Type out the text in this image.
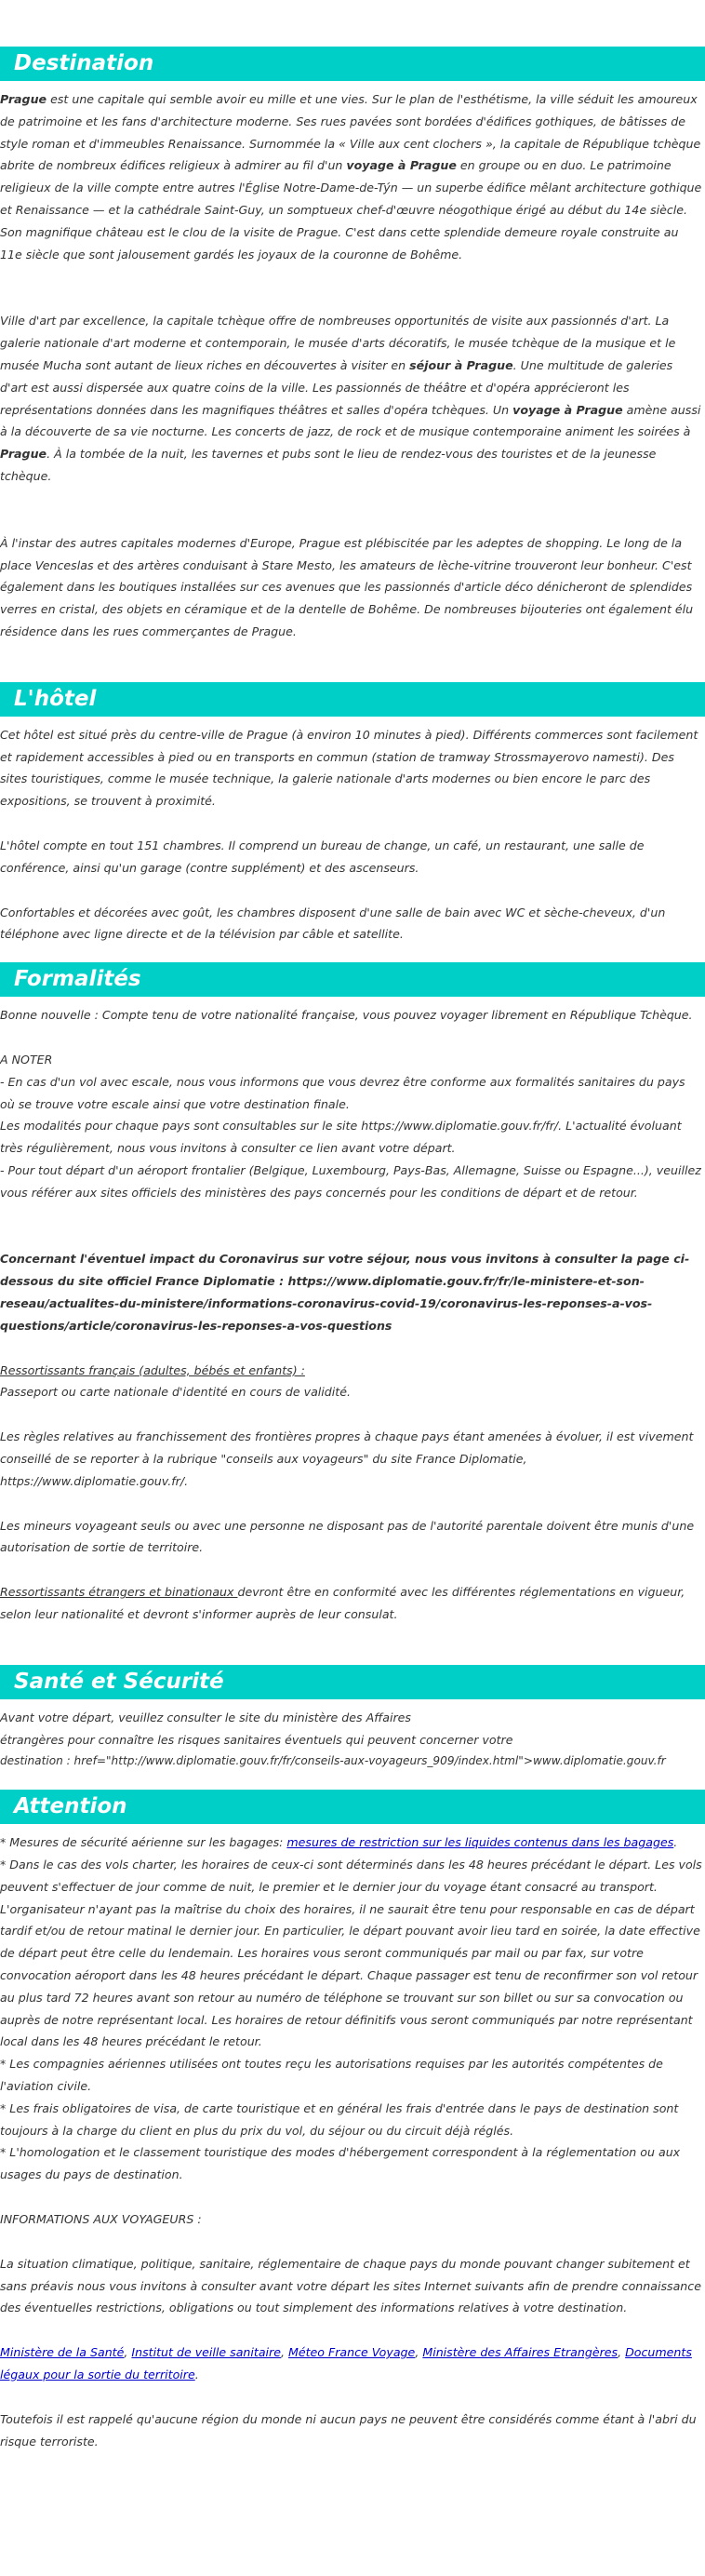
Destination

Prague est une capitale qui semble avoir eu mille et une vies. Sur le plan de l'esthétisme, la ville séduit les amoureux de patrimoine et les fans d'architecture moderne. Ses rues pavées sont bordées d'édifices gothiques, de bâtisses de style roman et d'immeubles Renaissance. Surnommée la « Ville aux cent clochers », la capitale de République tchèque abrite de nombreux édifices religieux à admirer au fil d'un voyage à Prague en groupe ou en duo. Le patrimoine religieux de la ville compte entre autres l'Église Notre-Dame-de-Týn — un superbe édifice mêlant architecture gothique et Renaissance — et la cathédrale Saint-Guy, un somptueux chef-d'œuvre néogothique érigé au début du 14e siècle. Son magnifique château est le clou de la visite de Prague. C'est dans cette splendide demeure royale construite au 11e siècle que sont jalousement gardés les joyaux de la couronne de Bohême.

Ville d'art par excellence, la capitale tchèque offre de nombreuses opportunités de visite aux passionnés d'art. La galerie nationale d'art moderne et contemporain, le musée d'arts décoratifs, le musée tchèque de la musique et le musée Mucha sont autant de lieux riches en découvertes à visiter en séjour à Prague. Une multitude de galeries d'art est aussi dispersée aux quatre coins de la ville. Les passionnés de théâtre et d'opéra apprécieront les représentations données dans les magnifiques théâtres et salles d'opéra tchèques. Un voyage à Prague amène aussi à la découverte de sa vie nocturne. Les concerts de jazz, de rock et de musique contemporaine animent les soirées à Prague. À la tombée de la nuit, les tavernes et pubs sont le lieu de rendez-vous des touristes et de la jeunesse tchèque.

À l'instar des autres capitales modernes d'Europe, Prague est plébiscitée par les adeptes de shopping. Le long de la place Venceslas et des artères conduisant à Stare Mesto, les amateurs de lèche-vitrine trouveront leur bonheur. C'est également dans les boutiques installées sur ces avenues que les passionnés d'article déco dénicheront de splendides verres en cristal, des objets en céramique et de la dentelle de Bohême. De nombreuses bijouteries ont également élu résidence dans les rues commerçantes de Prague.

L'hôtel

Cet hôtel est situé près du centre-ville de Prague (à environ 10 minutes à pied). Différents commerces sont facilement et rapidement accessibles à pied ou en transports en commun (station de tramway Strossmayerovo namesti). Des sites touristiques, comme le musée technique, la galerie nationale d'arts modernes ou bien encore le parc des expositions, se trouvent à proximité.

L'hôtel compte en tout 151 chambres. Il comprend un bureau de change, un café, un restaurant, une salle de conférence, ainsi qu'un garage (contre supplément) et des ascenseurs.

Confortables et décorées avec goût, les chambres disposent d'une salle de bain avec WC et sèche-cheveux, d'un téléphone avec ligne directe et de la télévision par câble et satellite.

Formalités

Bonne nouvelle : Compte tenu de votre nationalité française, vous pouvez voyager librement en République Tchèque.

A NOTER

- En cas d'un vol avec escale, nous vous informons que vous devrez être conforme aux formalités sanitaires du pays où se trouve votre escale ainsi que votre destination finale.

Les modalités pour chaque pays sont consultables sur le site https://www.diplomatie.gouv.fr/fr/. L'actualité évoluant très régulièrement, nous vous invitons à consulter ce lien avant votre départ.

- Pour tout départ d'un aéroport frontalier (Belgique, Luxembourg, Pays-Bas, Allemagne, Suisse ou Espagne...), veuillez vous référer aux sites officiels des ministères des pays concernés pour les conditions de départ et de retour.

Concernant l'éventuel impact du Coronavirus sur votre séjour, nous vous invitons à consulter la page ci-dessous du site officiel France Diplomatie : https://www.diplomatie.gouv.fr/fr/le-ministere-et-son-reseau/actualites-du-ministere/informations-coronavirus-covid-19/coronavirus-les-reponses-a-vos-questions/article/coronavirus-les-reponses-a-vos-questions

Ressortissants français (adultes, bébés et enfants) :

Passeport ou carte nationale d'identité en cours de validité.

Les règles relatives au franchissement des frontières propres à chaque pays étant amenées à évoluer, il est vivement conseillé de se reporter à la rubrique "conseils aux voyageurs" du site France Diplomatie, https://www.diplomatie.gouv.fr/.

Les mineurs voyageant seuls ou avec une personne ne disposant pas de l'autorité parentale doivent être munis d'une autorisation de sortie de territoire.

Ressortissants étrangers et binationaux devront être en conformité avec les différentes réglementations en vigueur, selon leur nationalité et devront s'informer auprès de leur consulat.

Santé et Sécurité

Avant votre départ, veuillez consulter le site du ministère des Affaires

étrangères pour connaître les risques sanitaires éventuels qui peuvent concerner votre

destination : href="http://www.diplomatie.gouv.fr/fr/conseils-aux-voyageurs_909/index.html">www.diplomatie.gouv.fr

Attention

* Mesures de sécurité aérienne sur les bagages: mesures de restriction sur les liquides contenus dans les bagages.

* Dans le cas des vols charter, les horaires de ceux-ci sont déterminés dans les 48 heures précédant le départ. Les vols peuvent s'effectuer de jour comme de nuit, le premier et le dernier jour du voyage étant consacré au transport. L'organisateur n'ayant pas la maîtrise du choix des horaires, il ne saurait être tenu pour responsable en cas de départ tardif et/ou de retour matinal le dernier jour. En particulier, le départ pouvant avoir lieu tard en soirée, la date effective de départ peut être celle du lendemain. Les horaires vous seront communiqués par mail ou par fax, sur votre convocation aéroport dans les 48 heures précédant le départ. Chaque passager est tenu de reconfirmer son vol retour au plus tard 72 heures avant son retour au numéro de téléphone se trouvant sur son billet ou sur sa convocation ou auprès de notre représentant local. Les horaires de retour définitifs vous seront communiqués par notre représentant local dans les 48 heures précédant le retour.

* Les compagnies aériennes utilisées ont toutes reçu les autorisations requises par les autorités compétentes de l'aviation civile.

* Les frais obligatoires de visa, de carte touristique et en général les frais d'entrée dans le pays de destination sont toujours à la charge du client en plus du prix du vol, du séjour ou du circuit déjà réglés.

* L'homologation et le classement touristique des modes d'hébergement correspondent à la réglementation ou aux usages du pays de destination.

INFORMATIONS AUX VOYAGEURS :

La situation climatique, politique, sanitaire, réglementaire de chaque pays du monde pouvant changer subitement et sans préavis nous vous invitons à consulter avant votre départ les sites Internet suivants afin de prendre connaissance des éventuelles restrictions, obligations ou tout simplement des informations relatives à votre destination.

Ministère de la Santé, Institut de veille sanitaire, Méteo France Voyage, Ministère des Affaires Etrangères, Documents légaux pour la sortie du territoire.

Toutefois il est rappelé qu'aucune région du monde ni aucun pays ne peuvent être considérés comme étant à l'abri du risque terroriste.
